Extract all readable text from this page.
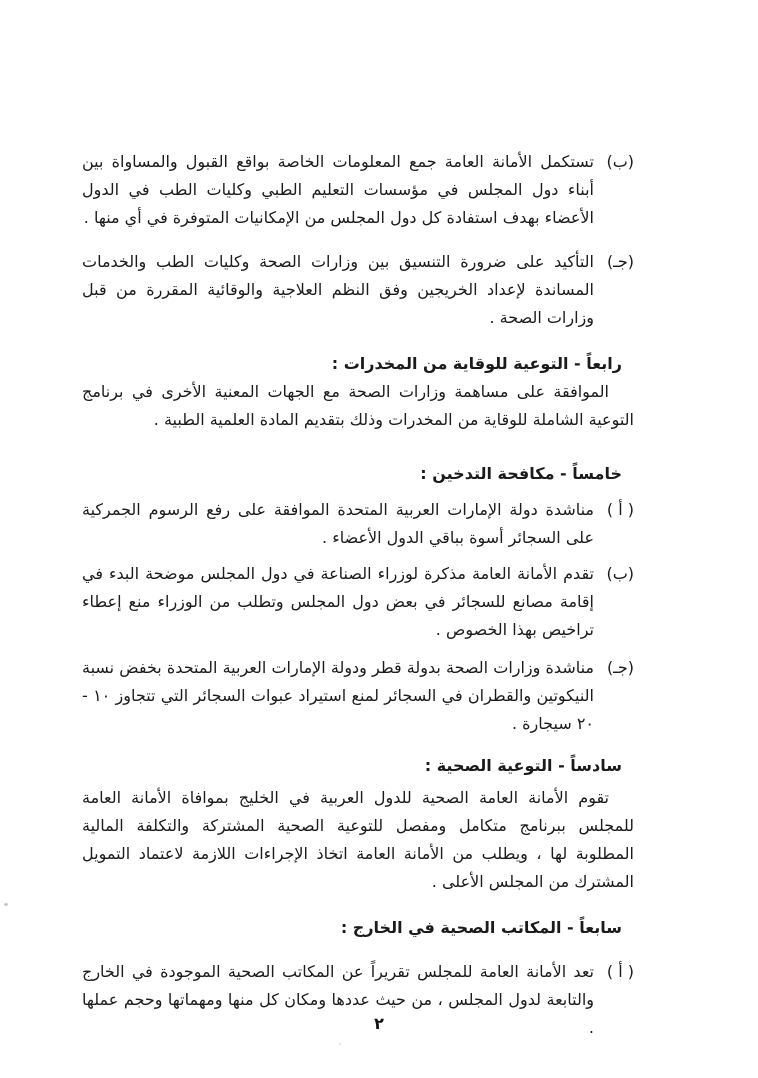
(ب)
تستكمل الأمانة العامة جمع المعلومات الخاصة بواقع القبول والمساواة بين أبناء دول المجلس في مؤسسات التعليم الطبي وكليات الطب في الدول الأعضاء بهدف استفادة كل دول المجلس من الإمكانيات المتوفرة في أي منها .
(جـ)
التأكيد على ضرورة التنسيق بين وزارات الصحة وكليات الطب والخدمات المساندة لإعداد الخريجين وفق النظم العلاجية والوقائية المقررة من قبل وزارات الصحة .
رابعاً - التوعية للوقاية من المخدرات :
الموافقة على مساهمة وزارات الصحة مع الجهات المعنية الأخرى في برنامج التوعية الشاملة للوقاية من المخدرات وذلك بتقديم المادة العلمية الطبية .
خامساً - مكافحة التدخين :
( أ )
مناشدة دولة الإمارات العربية المتحدة الموافقة على رفع الرسوم الجمركية على السجائر أسوة بباقي الدول الأعضاء .
(ب)
تقدم الأمانة العامة مذكرة لوزراء الصناعة في دول المجلس موضحة البدء في إقامة مصانع للسجائر في بعض دول المجلس وتطلب من الوزراء منع إعطاء تراخيص بهذا الخصوص .
(جـ)
مناشدة وزارات الصحة بدولة قطر ودولة الإمارات العربية المتحدة بخفض نسبة النيكوتين والقطران في السجائر لمنع استيراد عبوات السجائر التي تتجاوز ١٠ - ٢٠ سيجارة .
سادساً - التوعية الصحية :
تقوم الأمانة العامة الصحية للدول العربية في الخليج بموافاة الأمانة العامة للمجلس ببرنامج متكامل ومفصل للتوعية الصحية المشتركة والتكلفة المالية المطلوبة لها ، ويطلب من الأمانة العامة اتخاذ الإجراءات اللازمة لاعتماد التمويل المشترك من المجلس الأعلى .
سابعاً - المكاتب الصحية في الخارج :
( أ )
تعد الأمانة العامة للمجلس تقريراً عن المكاتب الصحية الموجودة في الخارج والتابعة لدول المجلس ، من حيث عددها ومكان كل منها ومهماتها وحجم عملها .
٢
